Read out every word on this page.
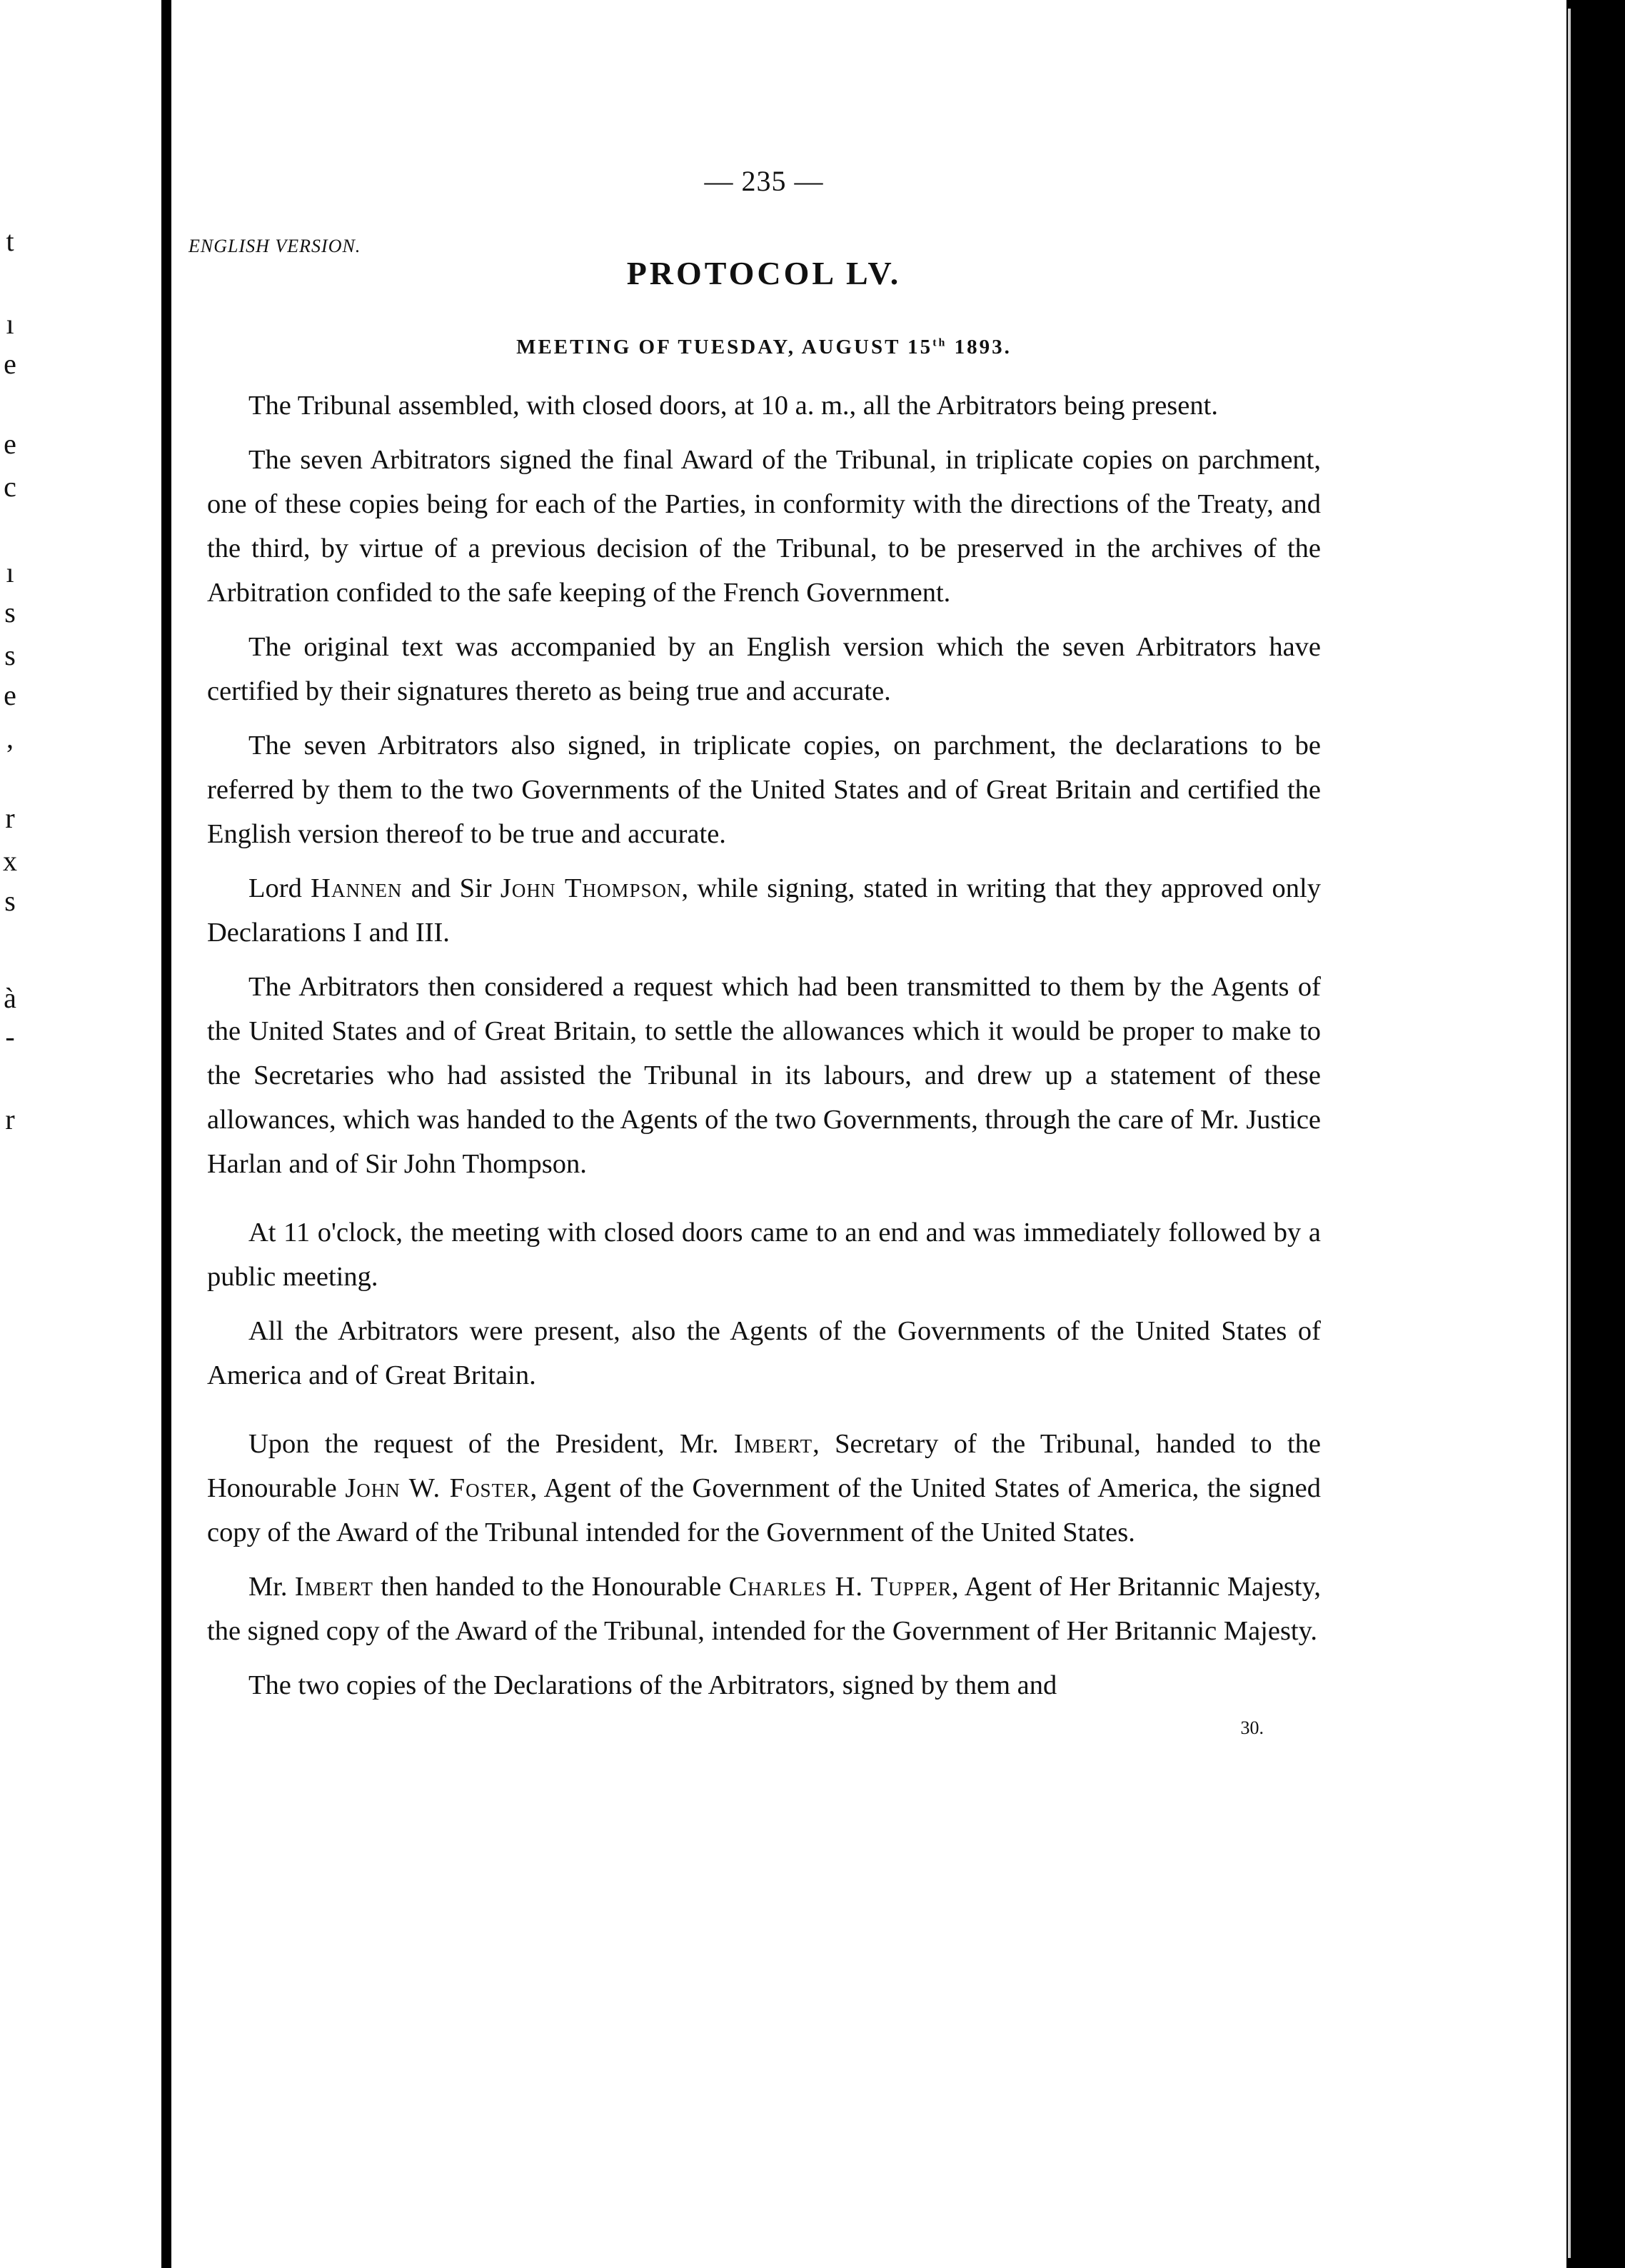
t
ı
e
e
c
ı
s
s
e
,
r
x
s
à
-
r
— 235 —
ENGLISH VERSION.
PROTOCOL LV.
MEETING OF TUESDAY, AUGUST 15th 1893.

The Tribunal assembled, with closed doors, at 10 a. m., all the Arbitrators being present.

The seven Arbitrators signed the final Award of the Tribunal, in triplicate copies on parchment, one of these copies being for each of the Parties, in conformity with the directions of the Treaty, and the third, by virtue of a previous decision of the Tribunal, to be preserved in the archives of the Arbitration confided to the safe keeping of the French Government.

The original text was accompanied by an English version which the seven Arbitrators have certified by their signatures thereto as being true and accurate.

The seven Arbitrators also signed, in triplicate copies, on parchment, the declarations to be referred by them to the two Governments of the United States and of Great Britain and certified the English version thereof to be true and accurate.

Lord Hannen and Sir John Thompson, while signing, stated in writing that they approved only Declarations I and III.

The Arbitrators then considered a request which had been transmitted to them by the Agents of the United States and of Great Britain, to settle the allowances which it would be proper to make to the Secretaries who had assisted the Tribunal in its labours, and drew up a statement of these allowances, which was handed to the Agents of the two Governments, through the care of Mr. Justice Harlan and of Sir John Thompson.

At 11 o'clock, the meeting with closed doors came to an end and was immediately followed by a public meeting.

All the Arbitrators were present, also the Agents of the Governments of the United States of America and of Great Britain.

Upon the request of the President, Mr. Imbert, Secretary of the Tribunal, handed to the Honourable John W. Foster, Agent of the Government of the United States of America, the signed copy of the Award of the Tribunal intended for the Government of the United States.

Mr. Imbert then handed to the Honourable Charles H. Tupper, Agent of Her Britannic Majesty, the signed copy of the Award of the Tribunal, intended for the Government of Her Britannic Majesty.

The two copies of the Declarations of the Arbitrators, signed by them and

30.
